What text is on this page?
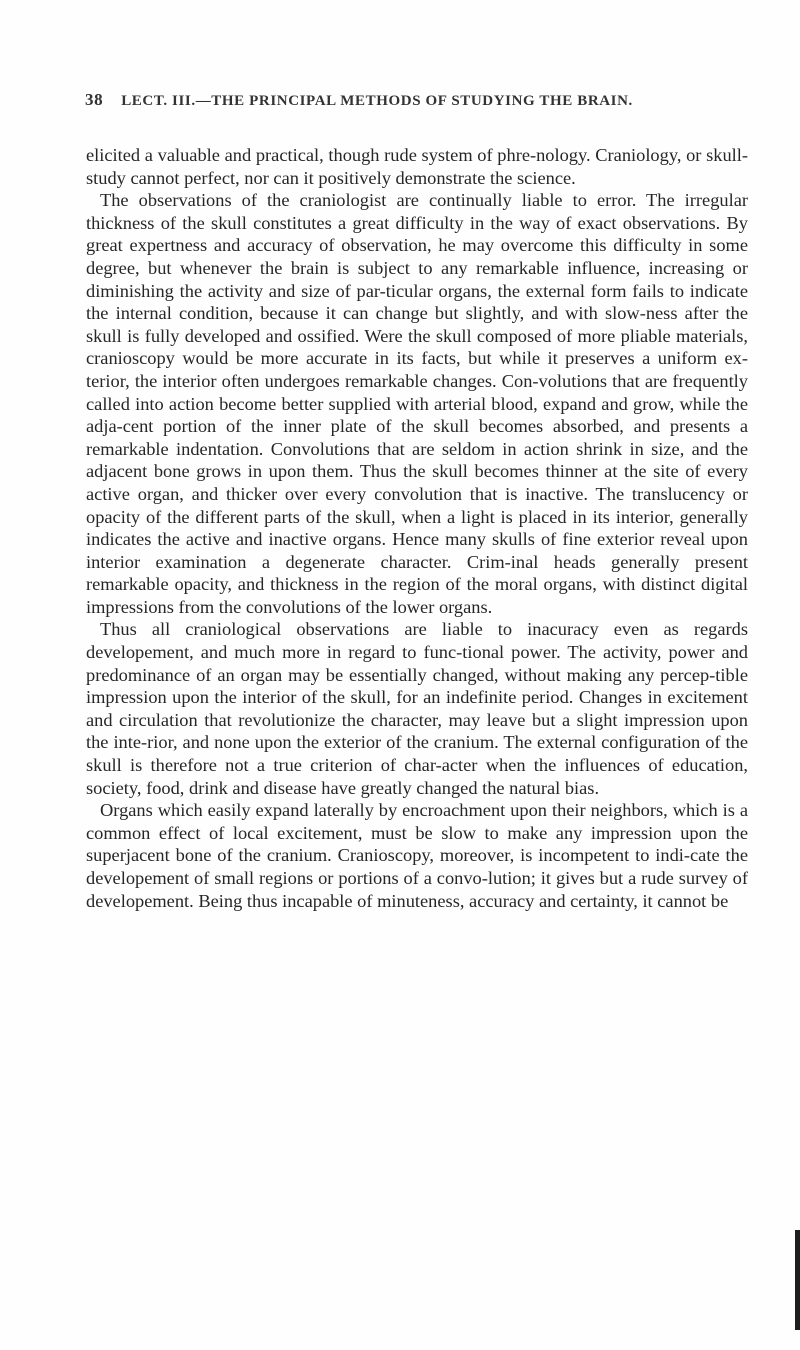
38 LECT. III.—THE PRINCIPAL METHODS OF STUDYING THE BRAIN.

elicited a valuable and practical, though rude system of phre-nology. Craniology, or skull-study cannot perfect, nor can it positively demonstrate the science.

The observations of the craniologist are continually liable to error. The irregular thickness of the skull constitutes a great difficulty in the way of exact observations. By great expertness and accuracy of observation, he may overcome this difficulty in some degree, but whenever the brain is subject to any remarkable influence, increasing or diminishing the activity and size of par-ticular organs, the external form fails to indicate the internal condition, because it can change but slightly, and with slow-ness after the skull is fully developed and ossified. Were the skull composed of more pliable materials, cranioscopy would be more accurate in its facts, but while it preserves a uniform ex-terior, the interior often undergoes remarkable changes. Con-volutions that are frequently called into action become better supplied with arterial blood, expand and grow, while the adja-cent portion of the inner plate of the skull becomes absorbed, and presents a remarkable indentation. Convolutions that are seldom in action shrink in size, and the adjacent bone grows in upon them. Thus the skull becomes thinner at the site of every active organ, and thicker over every convolution that is inactive. The translucency or opacity of the different parts of the skull, when a light is placed in its interior, generally indicates the active and inactive organs. Hence many skulls of fine exterior reveal upon interior examination a degenerate character. Crim-inal heads generally present remarkable opacity, and thickness in the region of the moral organs, with distinct digital impressions from the convolutions of the lower organs.

Thus all craniological observations are liable to inacuracy even as regards developement, and much more in regard to func-tional power. The activity, power and predominance of an organ may be essentially changed, without making any percep-tible impression upon the interior of the skull, for an indefinite period. Changes in excitement and circulation that revolutionize the character, may leave but a slight impression upon the inte-rior, and none upon the exterior of the cranium. The external configuration of the skull is therefore not a true criterion of char-acter when the influences of education, society, food, drink and disease have greatly changed the natural bias.

Organs which easily expand laterally by encroachment upon their neighbors, which is a common effect of local excitement, must be slow to make any impression upon the superjacent bone of the cranium. Cranioscopy, moreover, is incompetent to indi-cate the developement of small regions or portions of a convo-lution; it gives but a rude survey of developement. Being thus incapable of minuteness, accuracy and certainty, it cannot be
